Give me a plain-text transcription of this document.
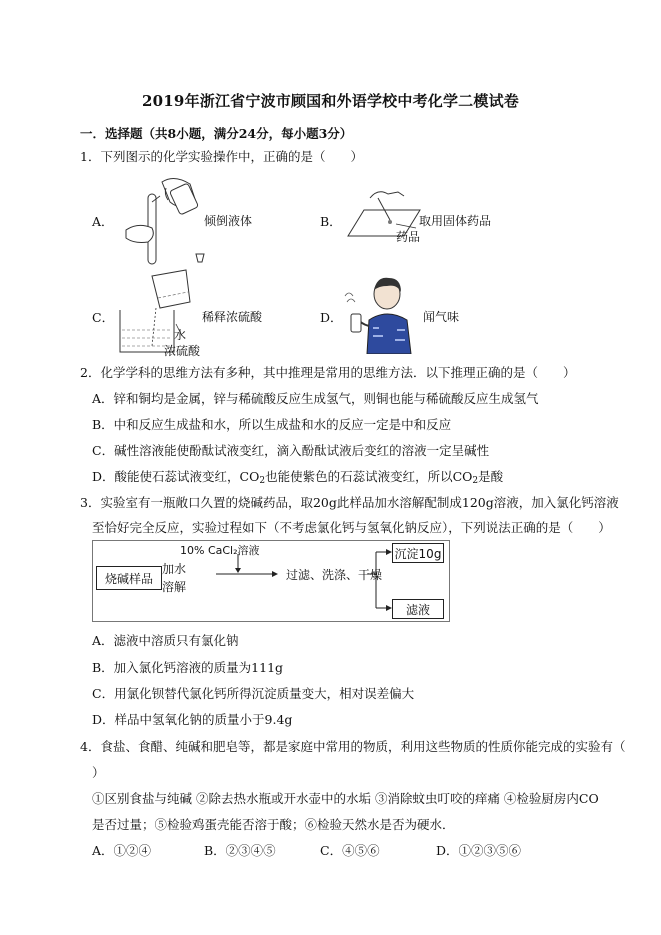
2019年浙江省宁波市顾国和外语学校中考化学二模试卷
一．选择题（共8小题，满分24分，每小题3分）
1．下列图示的化学实验操作中，正确的是（　　）
A．	倾倒液体	B．	取用固体药品
药品
C．	稀释浓硫酸
水
浓硫酸
D．	闻气味
2．化学学科的思维方法有多种，其中推理是常用的思维方法．以下推理正确的是（　　）
A．锌和铜均是金属，锌与稀硫酸反应生成氢气，则铜也能与稀硫酸反应生成氢气
B．中和反应生成盐和水，所以生成盐和水的反应一定是中和反应
C．碱性溶液能使酚酞试液变红，滴入酚酞试液后变红的溶液一定呈碱性
D．酸能使石蕊试液变红，$CO_2$也能使紫色的石蕊试液变红，所以$CO_2$是酸
3．实验室有一瓶敞口久置的烧碱药品，取20g此样品加水溶解配制成120g溶液，加入氯化钙溶液
至恰好完全反应，实验过程如下（不考虑氯化钙与氢氧化钠反应），下列说法正确的是（　　）
烧碱样品
加水
溶解
10% CaCl₂溶液
过滤、洗涤、干燥
沉淀10g
滤液
A．滤液中溶质只有氯化钠
B．加入氯化钙溶液的质量为111g
C．用氯化钡替代氯化钙所得沉淀质量变大，相对误差偏大
D．样品中氢氧化钠的质量小于9.4g
4．食盐、食醋、纯碱和肥皂等，都是家庭中常用的物质，利用这些物质的性质你能完成的实验有（
）
①区别食盐与纯碱 ②除去热水瓶或开水壶中的水垢 ③消除蚊虫叮咬的痒痛 ④检验厨房内CO
是否过量；⑤检验鸡蛋壳能否溶于酸；⑥检验天然水是否为硬水．
A．①②④	B．②③④⑤	C．④⑤⑥	D．①②③⑤⑥
